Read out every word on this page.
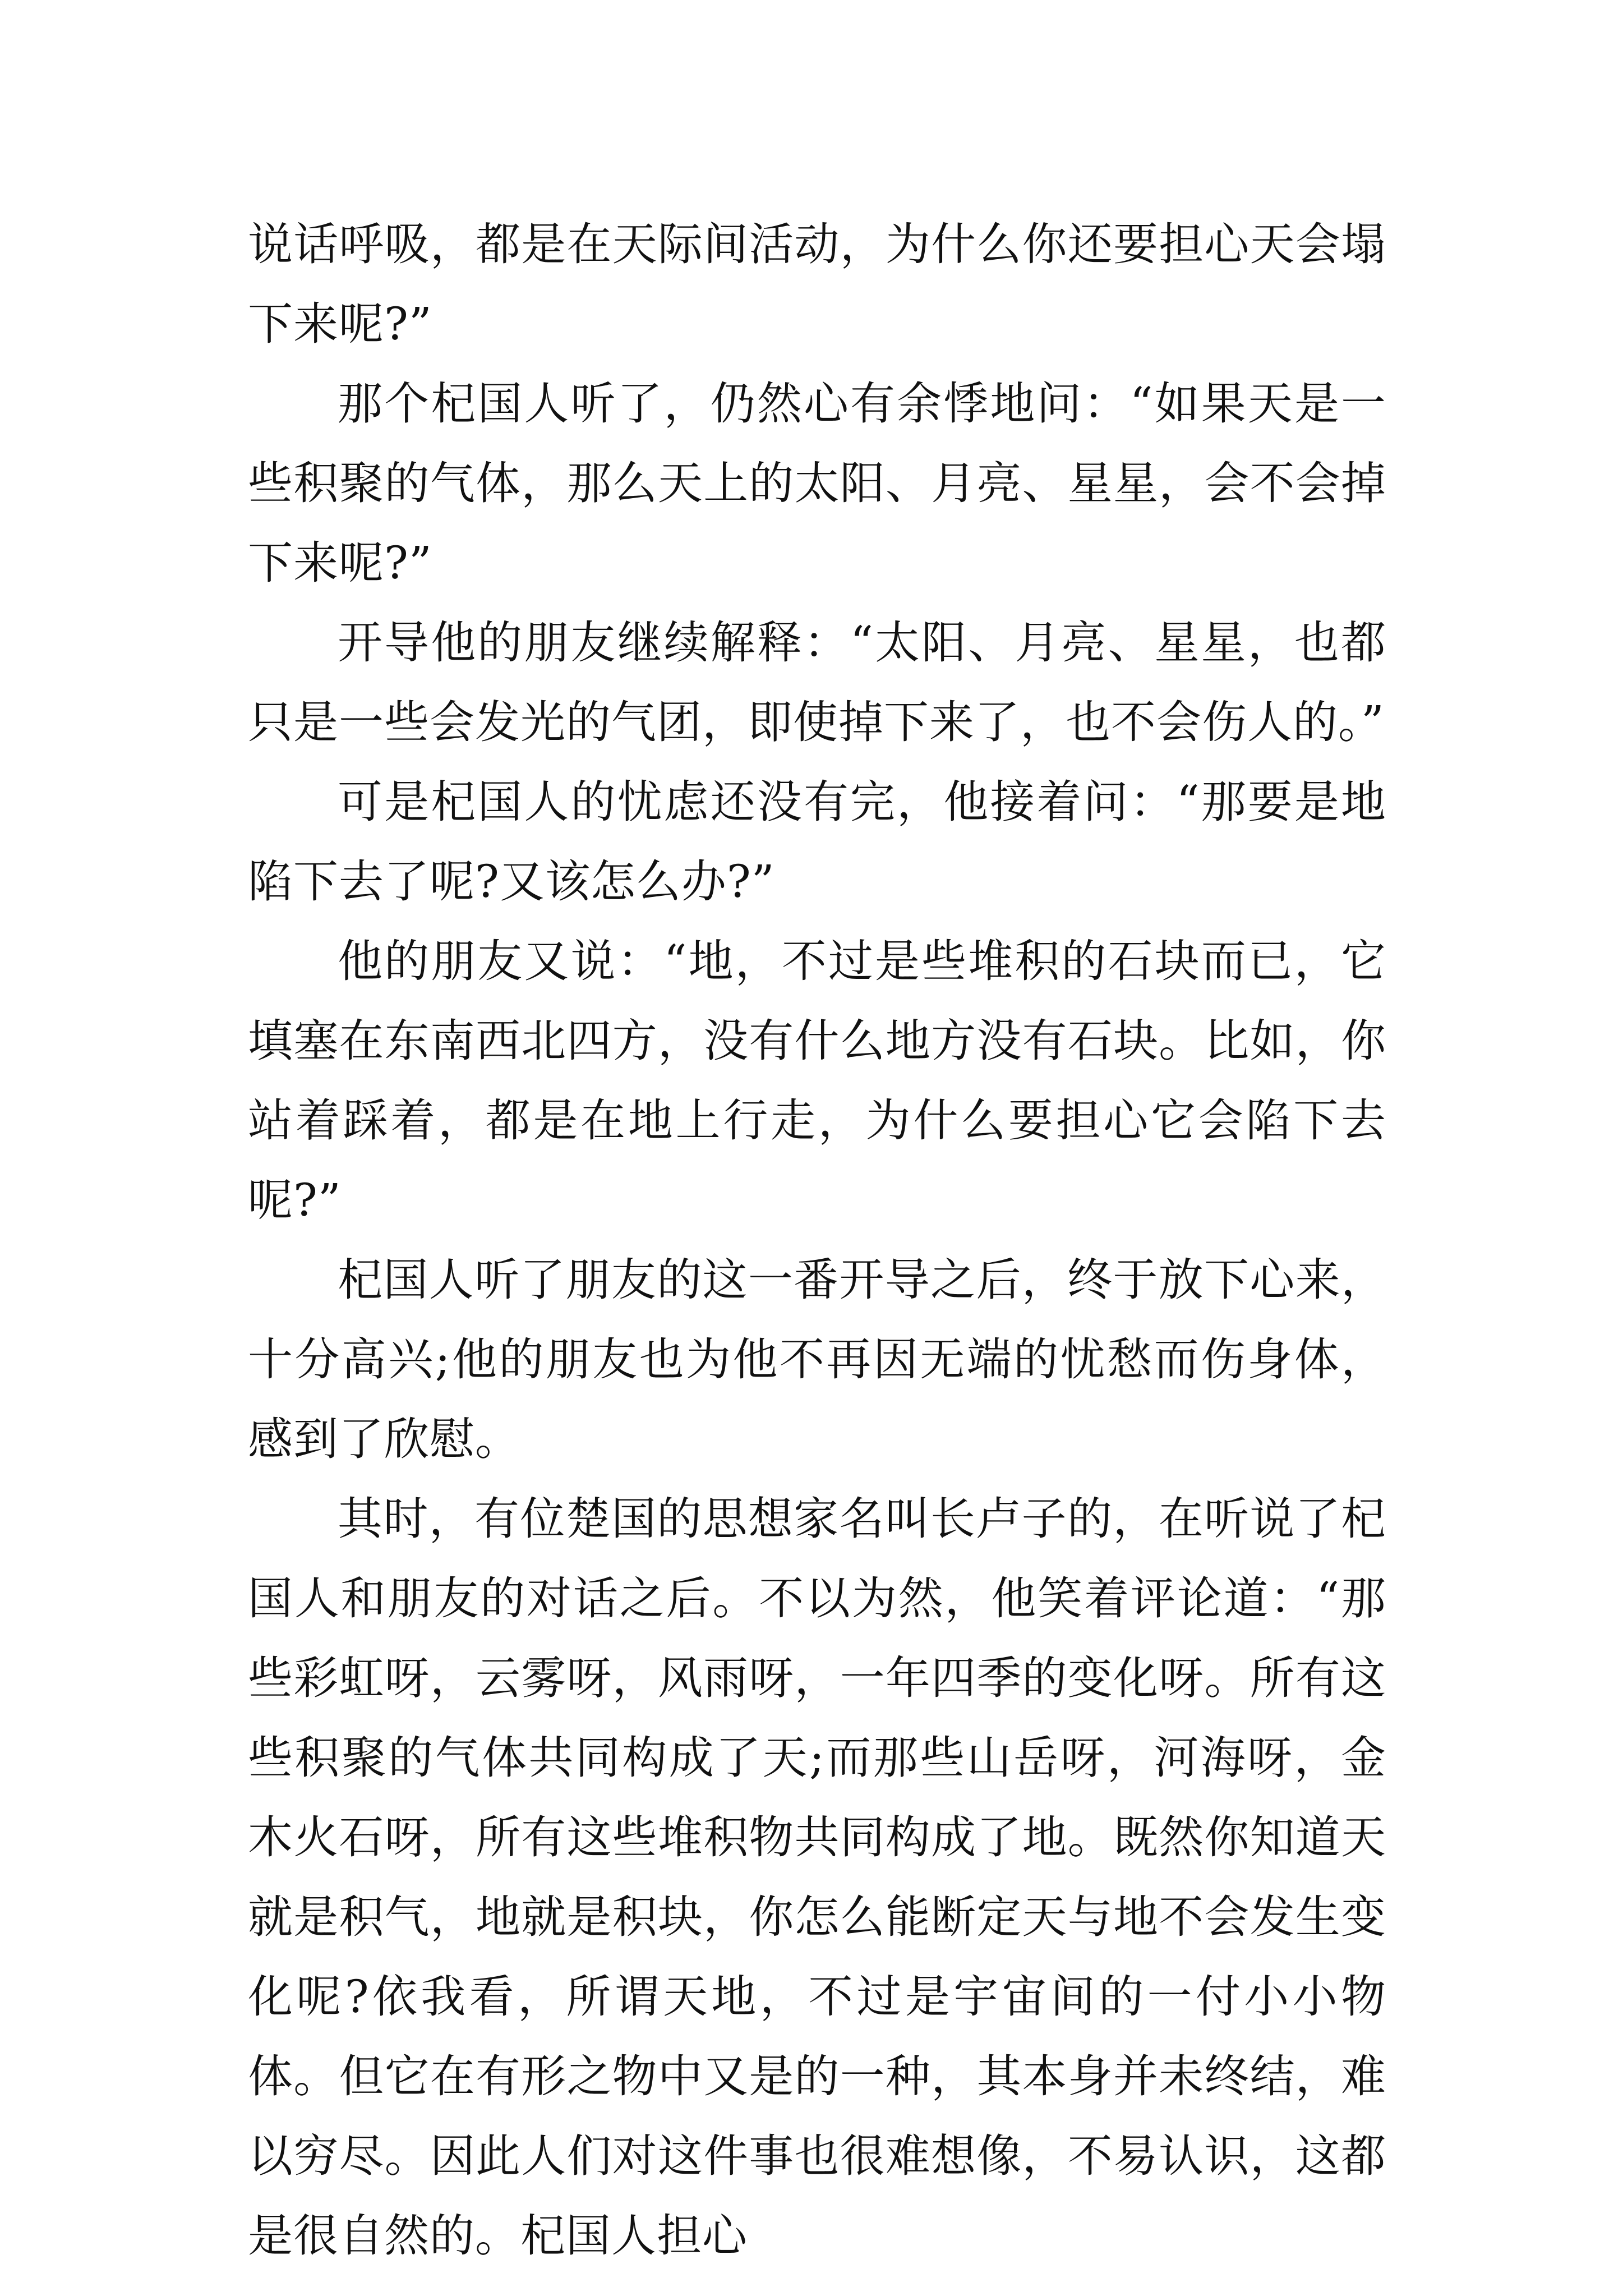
说话呼吸，都是在天际间活动，为什么你还要担心天会塌下来呢?”

那个杞国人听了，仍然心有余悸地问：“如果天是一些积聚的气体，那么天上的太阳、月亮、星星，会不会掉下来呢?”

开导他的朋友继续解释：“太阳、月亮、星星，也都只是一些会发光的气团，即使掉下来了，也不会伤人的。”

可是杞国人的忧虑还没有完，他接着问：“那要是地陷下去了呢?又该怎么办?”

他的朋友又说：“地，不过是些堆积的石块而已，它填塞在东南西北四方，没有什么地方没有石块。比如，你站着踩着，都是在地上行走，为什么要担心它会陷下去呢?”

杞国人听了朋友的这一番开导之后，终于放下心来，十分高兴;他的朋友也为他不再因无端的忧愁而伤身体，感到了欣慰。

其时，有位楚国的思想家名叫长卢子的，在听说了杞国人和朋友的对话之后。不以为然，他笑着评论道：“那些彩虹呀，云雾呀，风雨呀，一年四季的变化呀。所有这些积聚的气体共同构成了天;而那些山岳呀，河海呀，金木火石呀，所有这些堆积物共同构成了地。既然你知道天就是积气，地就是积块，你怎么能断定天与地不会发生变化呢?依我看，所谓天地，不过是宇宙间的一付小小物体。但它在有形之物中又是的一种，其本身并未终结，难以穷尽。因此人们对这件事也很难想像，不易认识，这都是很自然的。杞国人担心
